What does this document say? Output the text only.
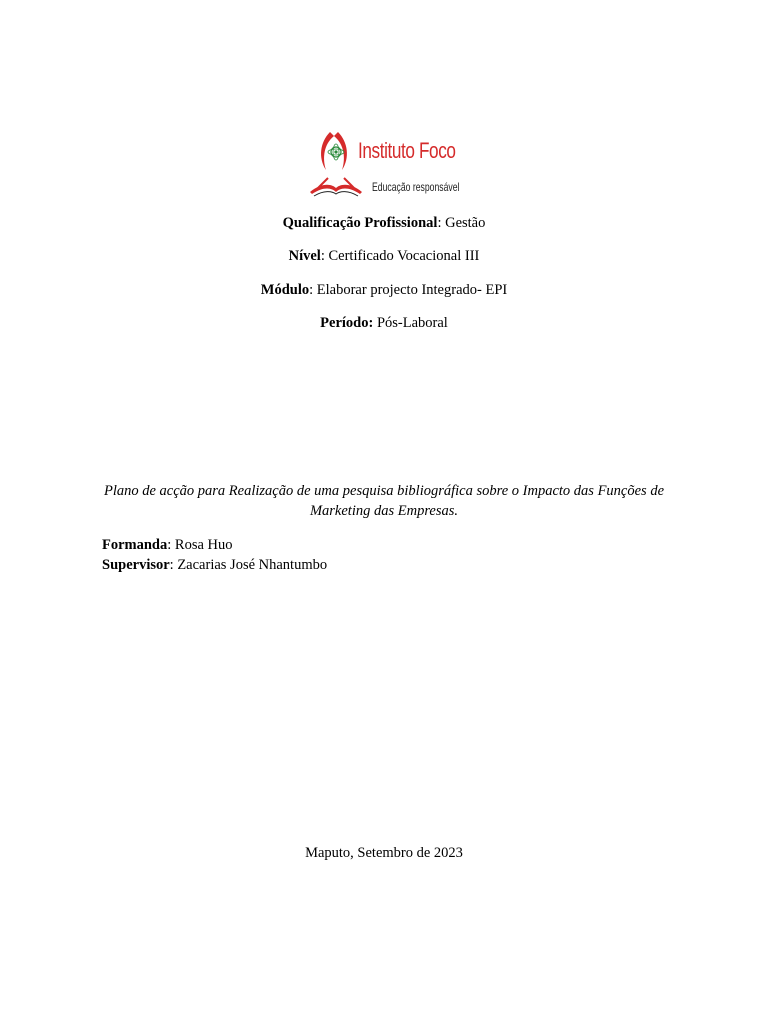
Instituto Foco
Educação responsável
Qualificação Profissional: Gestão
Nível: Certificado Vocacional III
Módulo: Elaborar projecto Integrado- EPI
Período: Pós-Laboral
Plano de acção para Realização de uma pesquisa bibliográfica sobre o Impacto das Funções de
Marketing das Empresas.
Formanda: Rosa Huo
Supervisor: Zacarias José Nhantumbo
Maputo, Setembro de 2023
